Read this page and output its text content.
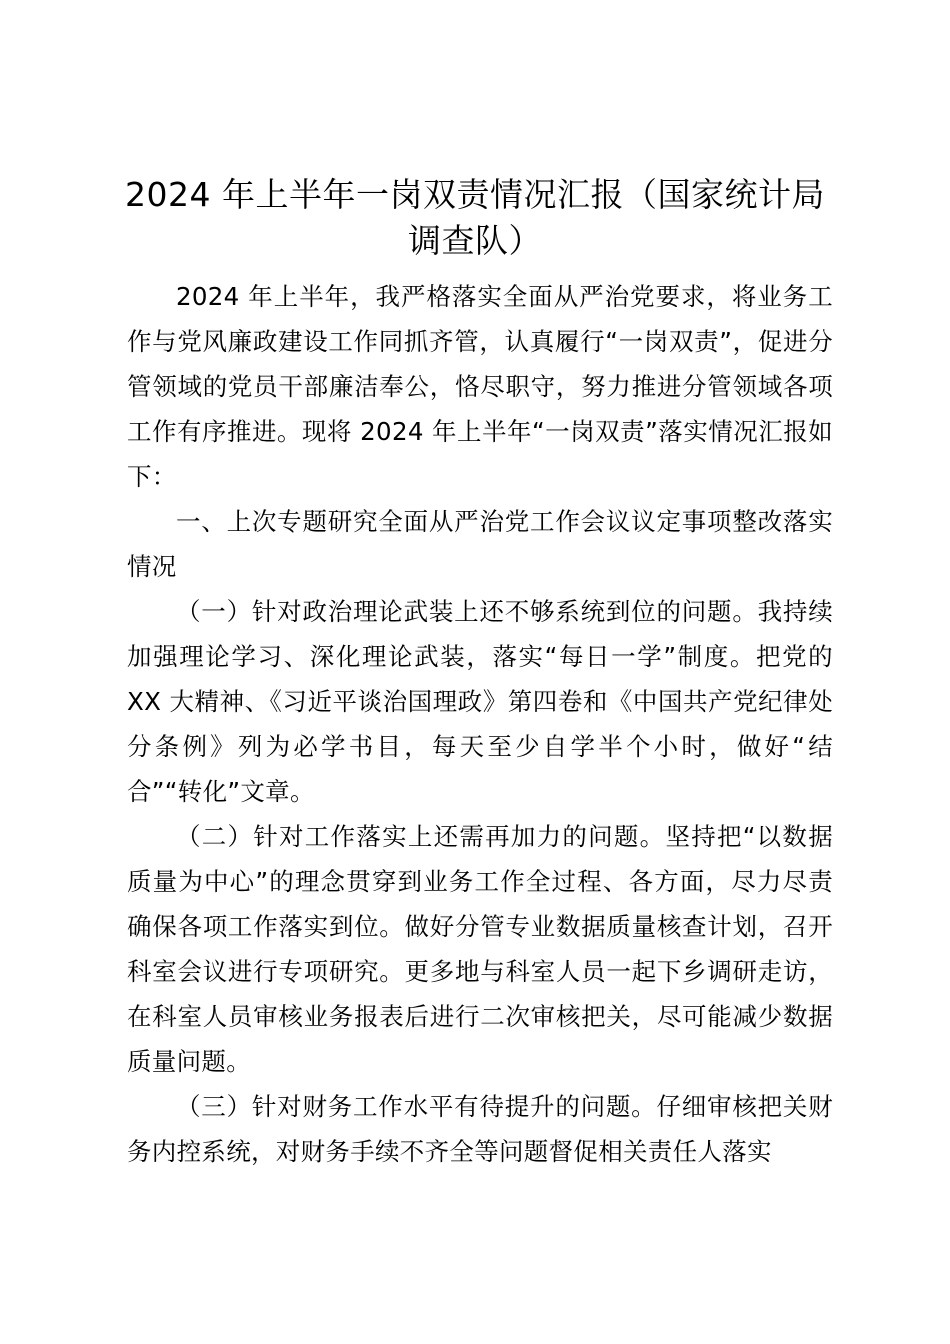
2024 年上半年一岗双责情况汇报（国家统计局调查队）

2024 年上半年，我严格落实全面从严治党要求，将业务工作与党风廉政建设工作同抓齐管，认真履行“一岗双责”，促进分管领域的党员干部廉洁奉公，恪尽职守，努力推进分管领域各项工作有序推进。现将 2024 年上半年“一岗双责”落实情况汇报如下：

一、上次专题研究全面从严治党工作会议议定事项整改落实情况

（一）针对政治理论武装上还不够系统到位的问题。我持续加强理论学习、深化理论武装，落实“每日一学”制度。把党的 XX 大精神、《习近平谈治国理政》第四卷和《中国共产党纪律处分条例》列为必学书目，每天至少自学半个小时，做好“结合”“转化”文章。

（二）针对工作落实上还需再加力的问题。坚持把“以数据质量为中心”的理念贯穿到业务工作全过程、各方面，尽力尽责确保各项工作落实到位。做好分管专业数据质量核查计划，召开科室会议进行专项研究。更多地与科室人员一起下乡调研走访，在科室人员审核业务报表后进行二次审核把关，尽可能减少数据质量问题。

（三）针对财务工作水平有待提升的问题。仔细审核把关财务内控系统，对财务手续不齐全等问题督促相关责任人落实
